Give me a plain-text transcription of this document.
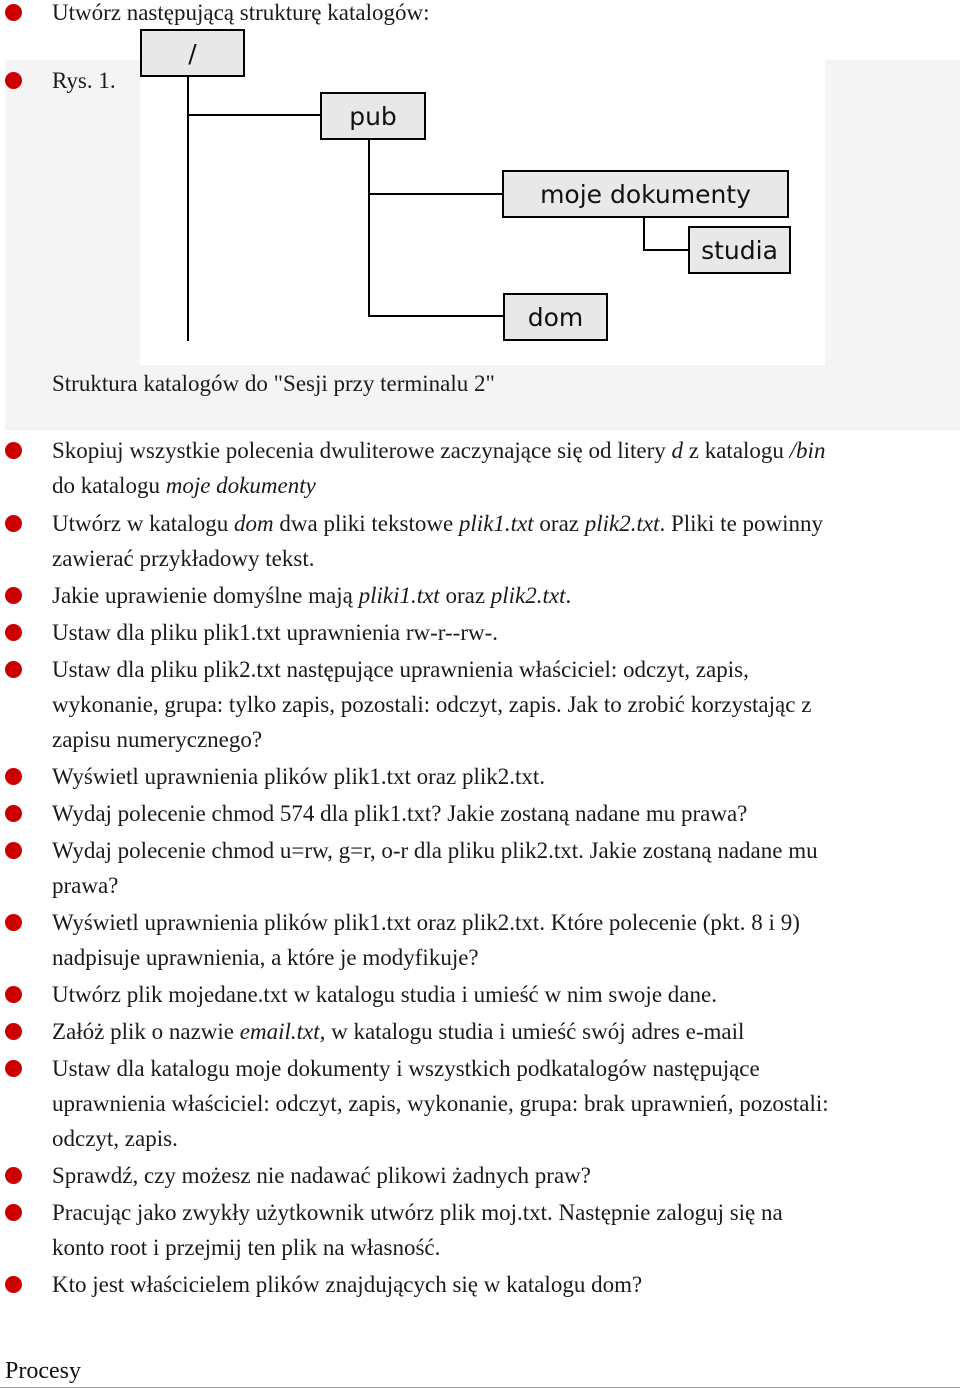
Utwórz następującą strukturę katalogów:
Rys. 1.
/
pub
moje dokumenty
studia
dom
Struktura katalogów do "Sesji przy terminalu 2"
Skopiuj wszystkie polecenia dwuliterowe zaczynające się od litery d z katalogu /bin
do katalogu moje dokumenty
Utwórz w katalogu dom dwa pliki tekstowe plik1.txt oraz plik2.txt. Pliki te powinny
zawierać przykładowy tekst.
Jakie uprawienie domyślne mają pliki1.txt oraz plik2.txt.
Ustaw dla pliku plik1.txt uprawnienia rw-r--rw-.
Ustaw dla pliku plik2.txt następujące uprawnienia właściciel: odczyt, zapis,
wykonanie, grupa: tylko zapis, pozostali: odczyt, zapis. Jak to zrobić korzystając z
zapisu numerycznego?
Wyświetl uprawnienia plików plik1.txt oraz plik2.txt.
Wydaj polecenie chmod 574 dla plik1.txt? Jakie zostaną nadane mu prawa?
Wydaj polecenie chmod u=rw, g=r, o-r dla pliku plik2.txt. Jakie zostaną nadane mu
prawa?
Wyświetl uprawnienia plików plik1.txt oraz plik2.txt. Które polecenie (pkt. 8 i 9)
nadpisuje uprawnienia, a które je modyfikuje?
Utwórz plik mojedane.txt w katalogu studia i umieść w nim swoje dane.
Załóż plik o nazwie email.txt, w katalogu studia i umieść swój adres e-mail
Ustaw dla katalogu moje dokumenty i wszystkich podkatalogów następujące
uprawnienia właściciel: odczyt, zapis, wykonanie, grupa: brak uprawnień, pozostali:
odczyt, zapis.
Sprawdź, czy możesz nie nadawać plikowi żadnych praw?
Pracując jako zwykły użytkownik utwórz plik moj.txt. Następnie zaloguj się na
konto root i przejmij ten plik na własność.
Kto jest właścicielem plików znajdujących się w katalogu dom?
Procesy
